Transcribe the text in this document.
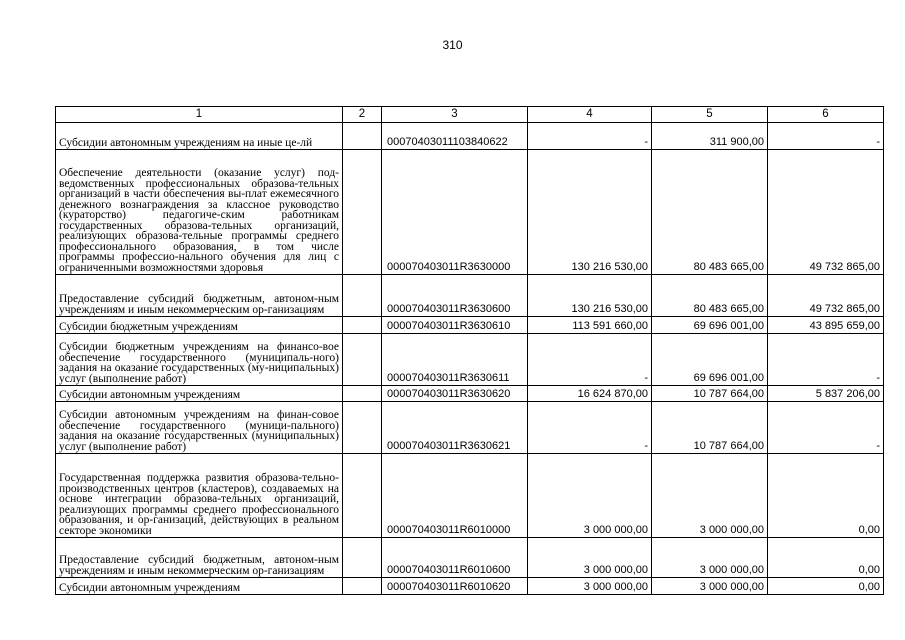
310
1	2	3	4	5	6
Субсидии автономным учреждениям на иные це-лй		00070403011103840622	-	311 900,00	-
Обеспечение деятельности (оказание услуг) под-ведомственных профессиональных образова-тельных организаций в части обеспечения вы-плат ежемесячного денежного вознаграждения за классное руководство (кураторство) педагогиче-ским работникам государственных образова-тельных организаций, реализующих образова-тельные программы среднего профессионального образования, в том числе программы профессио-нального обучения для лиц с ограниченными возможностями здоровья		000070403011R3630000	130 216 530,00	80 483 665,00	49 732 865,00
Предоставление субсидий бюджетным, автоном-ным учреждениям и иным некоммерческим ор-ганизациям		000070403011R3630600	130 216 530,00	80 483 665,00	49 732 865,00
Субсидии бюджетным учреждениям		000070403011R3630610	113 591 660,00	69 696 001,00	43 895 659,00
Субсидии бюджетным учреждениям на финансо-вое обеспечение государственного (муниципаль-ного) задания на оказание государственных (му-ниципальных) услуг (выполнение работ)		000070403011R3630611	-	69 696 001,00	-
Субсидии автономным учреждениям		000070403011R3630620	16 624 870,00	10 787 664,00	5 837 206,00
Субсидии автономным учреждениям на финан-совое обеспечение государственного (муници-пального) задания на оказание государственных (муниципальных) услуг (выполнение работ)		000070403011R3630621	-	10 787 664,00	-
Государственная поддержка развития образова-тельно-производственных центров (кластеров), создаваемых на основе интеграции образова-тельных организаций, реализующих программы среднего профессионального образования, и ор-ганизаций, действующих в реальном секторе экономики		000070403011R6010000	3 000 000,00	3 000 000,00	0,00
Предоставление субсидий бюджетным, автоном-ным учреждениям и иным некоммерческим ор-ганизациям		000070403011R6010600	3 000 000,00	3 000 000,00	0,00
Субсидии автономным учреждениям		000070403011R6010620	3 000 000,00	3 000 000,00	0,00
